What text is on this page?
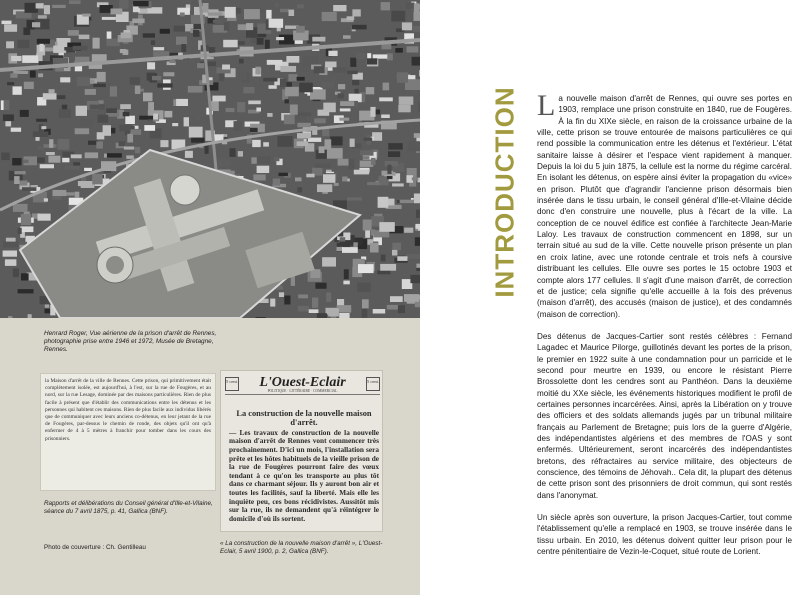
Henrard Roger, Vue aérienne de la prison d'arrêt de Rennes, photographie prise entre 1946 et 1972, Musée de Bretagne, Rennes.
la Maison d'arrêt de la ville de Rennes. Cette prison, qui primitivement était complètement isolée, est aujourd'hui, à l'est, sur la rue de Fougères, et au nord, sur la rue Lesage, dominée par des maisons particulières. Rien de plus facile à présent que d'établir des communications entre les détenus et les personnes qui habitent ces maisons. Rien de plus facile aux individus libérés que de communiquer avec leurs anciens co-détenus, en leur jetant de la rue de Fougères, par-dessus le chemin de ronde, des objets qu'il ont qu'à enfermer de 4 à 5 mètres à franchir pour tomber dans les cours des prisonniers.
Rapports et délibérations du Conseil général d'Ille-et-Vilaine, séance du 7 avril 1875, p. 41, Gallica (BNF).
Photo de couverture : Ch. Gentilleau
5 cent.	L'Ouest-Eclair
POLITIQUE · LITTÉRAIRE · COMMERCIAL
5 cent.
La construction de la nouvelle maison d'arrêt.
— Les travaux de construction de la nouvelle maison d'arrêt de Rennes vont commencer très prochainement. D'ici un mois, l'installation sera prête et les hôtes habituels de la vieille prison de la rue de Fougères pourront faire des vœux tendant à ce qu'on les transporte au plus tôt dans ce charmant séjour. Ils y auront bon air et toutes les facilités, sauf la liberté. Mais elle les inquiète peu, ces bons récidivistes. Aussitôt mis sur la rue, ils ne demandent qu'à réintégrer le domicile d'où ils sortent.
« La construction de la nouvelle maison d'arrêt », L'Ouest-Eclair, 5 avril 1900, p. 2, Gallica (BNF).
INTRODUCTION La nouvelle maison d'arrêt de Rennes, qui ouvre ses portes en 1903, remplace une prison construite en 1840, rue de Fougères. À la fin du XIXe siècle, en raison de la croissance urbaine de la ville, cette prison se trouve entourée de maisons particulières ce qui rend possible la communication entre les détenus et l'extérieur. L'état sanitaire laisse à désirer et l'espace vient rapidement à manquer. Depuis la loi du 5 juin 1875, la cellule est la norme du régime carcéral. En isolant les détenus, on espère ainsi éviter la propagation du «vice» en prison. Plutôt que d'agrandir l'ancienne prison désormais bien insérée dans le tissu urbain, le conseil général d'Ille-et-Vilaine décide donc d'en construire une nouvelle, plus à l'écart de la ville. La conception de ce nouvel édifice est confiée à l'architecte Jean-Marie Laloy. Les travaux de construction commencent en 1898, sur un terrain situé au sud de la ville. Cette nouvelle prison présente un plan en croix latine, avec une rotonde centrale et trois nefs à coursive distribuant les cellules. Elle ouvre ses portes le 15 octobre 1903 et compte alors 177 cellules. Il s'agit d'une maison d'arrêt, de correction et de justice; cela signifie qu'elle accueille à la fois des prévenus (maison d'arrêt), des accusés (maison de justice), et des condamnés (maison de correction).

Des détenus de Jacques-Cartier sont restés célèbres : Fernand Lagadec et Maurice Pilorge, guillotinés devant les portes de la prison, le premier en 1922 suite à une condamnation pour un parricide et le second pour meurtre en 1939, ou encore le résistant Pierre Brossolette dont les cendres sont au Panthéon. Dans la deuxième moitié du XXe siècle, les événements historiques modifient le profil de certaines personnes incarcérées. Ainsi, après la Libération on y trouve des officiers et des soldats allemands jugés par un tribunal militaire français au Parlement de Bretagne; puis lors de la guerre d'Algérie, des indépendantistes algériens et des membres de l'OAS y sont enfermés. Ultérieurement, seront incarcérés des indépendantistes bretons, des réfractaires au service militaire, des objecteurs de conscience, des témoins de Jéhovah.. Cela dit, la plupart des détenus de cette prison sont des prisonniers de droit commun, qui sont restés dans l'anonymat.

Un siècle après son ouverture, la prison Jacques-Cartier, tout comme l'établissement qu'elle a remplacé en 1903, se trouve insérée dans le tissu urbain. En 2010, les détenus doivent quitter leur prison pour le centre pénitentiaire de Vezin-le-Coquet, situé route de Lorient.
